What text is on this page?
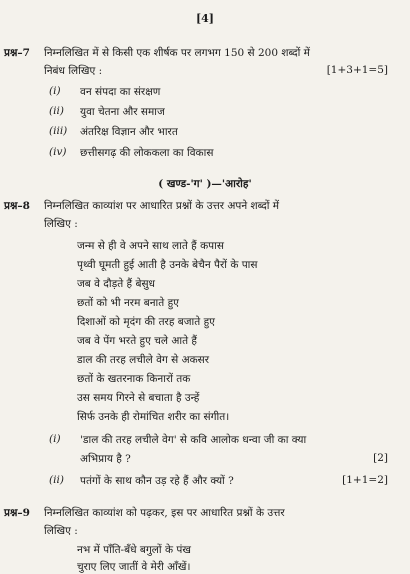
[4]
प्रश्न–7 निम्नलिखित में से किसी एक शीर्षक पर लगभग 150 से 200 शब्दों में
निबंध लिखिए :	[1+3+1=5]
(i) वन संपदा का संरक्षण
(ii) युवा चेतना और समाज
(iii) अंतरिक्ष विज्ञान और भारत
(iv) छत्तीसगढ़ की लोककला का विकास
( खण्ड-'ग' )—'आरोह'
प्रश्न–8 निम्नलिखित काव्यांश पर आधारित प्रश्नों के उत्तर अपने शब्दों में
लिखिए :
जन्म से ही वे अपने साथ लाते हैं कपास
पृथ्वी घूमती हुई आती है उनके बेचैन पैरों के पास
जब वे दौड़ते हैं बेसुध
छतों को भी नरम बनाते हुए
दिशाओं को मृदंग की तरह बजाते हुए
जब वे पेंग भरते हुए चले आते हैं
डाल की तरह लचीले वेग से अकसर
छतों के खतरनाक किनारों तक
उस समय गिरने से बचाता है उन्हें
सिर्फ उनके ही रोमांचित शरीर का संगीत।
(i) 'डाल की तरह लचीले वेग' से कवि आलोक धन्वा जी का क्या
अभिप्राय है ?	[2]
(ii) पतंगों के साथ कौन उड़ रहे हैं और क्यों ?	[1+1=2]
प्रश्न–9 निम्नलिखित काव्यांश को पढ़कर, इस पर आधारित प्रश्नों के उत्तर
लिखिए :
नभ में पाँति-बँधे बगुलों के पंख
चुराए लिए जातीं वे मेरी आँखें।
